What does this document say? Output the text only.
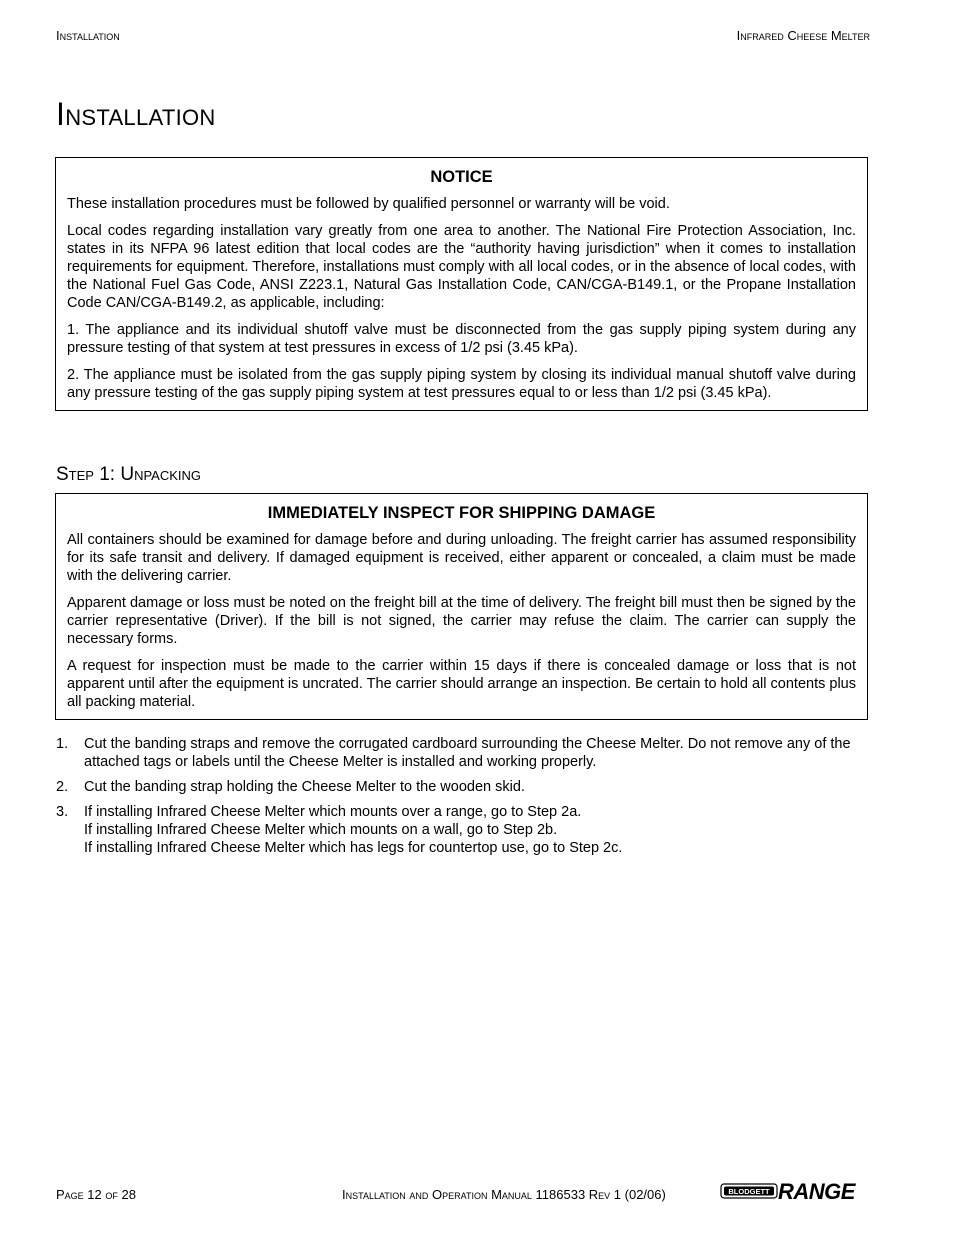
Installation	Infrared Cheese Melter
Installation
NOTICE

These installation procedures must be followed by qualified personnel or warranty will be void.

Local codes regarding installation vary greatly from one area to another. The National Fire Protection Association, Inc. states in its NFPA 96 latest edition that local codes are the “authority having jurisdiction” when it comes to installation requirements for equipment. Therefore, installations must comply with all local codes, or in the absence of local codes, with the National Fuel Gas Code, ANSI Z223.1, Natural Gas Installation Code, CAN/CGA-B149.1, or the Propane Installation Code CAN/CGA-B149.2, as applicable, including:

1. The appliance and its individual shutoff valve must be disconnected from the gas supply piping system during any pressure testing of that system at test pressures in excess of 1/2 psi (3.45 kPa).

2. The appliance must be isolated from the gas supply piping system by closing its individual manual shutoff valve during any pressure testing of the gas supply piping system at test pressures equal to or less than 1/2 psi (3.45 kPa).

Step 1: Unpacking
IMMEDIATELY INSPECT FOR SHIPPING DAMAGE

All containers should be examined for damage before and during unloading. The freight carrier has assumed responsibility for its safe transit and delivery. If damaged equipment is received, either apparent or concealed, a claim must be made with the delivering carrier.

Apparent damage or loss must be noted on the freight bill at the time of delivery. The freight bill must then be signed by the carrier representative (Driver). If the bill is not signed, the carrier may refuse the claim. The carrier can supply the necessary forms.

A request for inspection must be made to the carrier within 15 days if there is concealed damage or loss that is not apparent until after the equipment is uncrated. The carrier should arrange an inspection. Be certain to hold all contents plus all packing material.

1. Cut the banding straps and remove the corrugated cardboard surrounding the Cheese Melter. Do not remove any of the attached tags or labels until the Cheese Melter is installed and working properly.
2. Cut the banding strap holding the Cheese Melter to the wooden skid.
3. If installing Infrared Cheese Melter which mounts over a range, go to Step 2a.
If installing Infrared Cheese Melter which mounts on a wall, go to Step 2b.
If installing Infrared Cheese Melter which has legs for countertop use, go to Step 2c.
Page 12 of 28	Installation and Operation Manual 1186533 Rev 1 (02/06)	BLODGETT RANGE
